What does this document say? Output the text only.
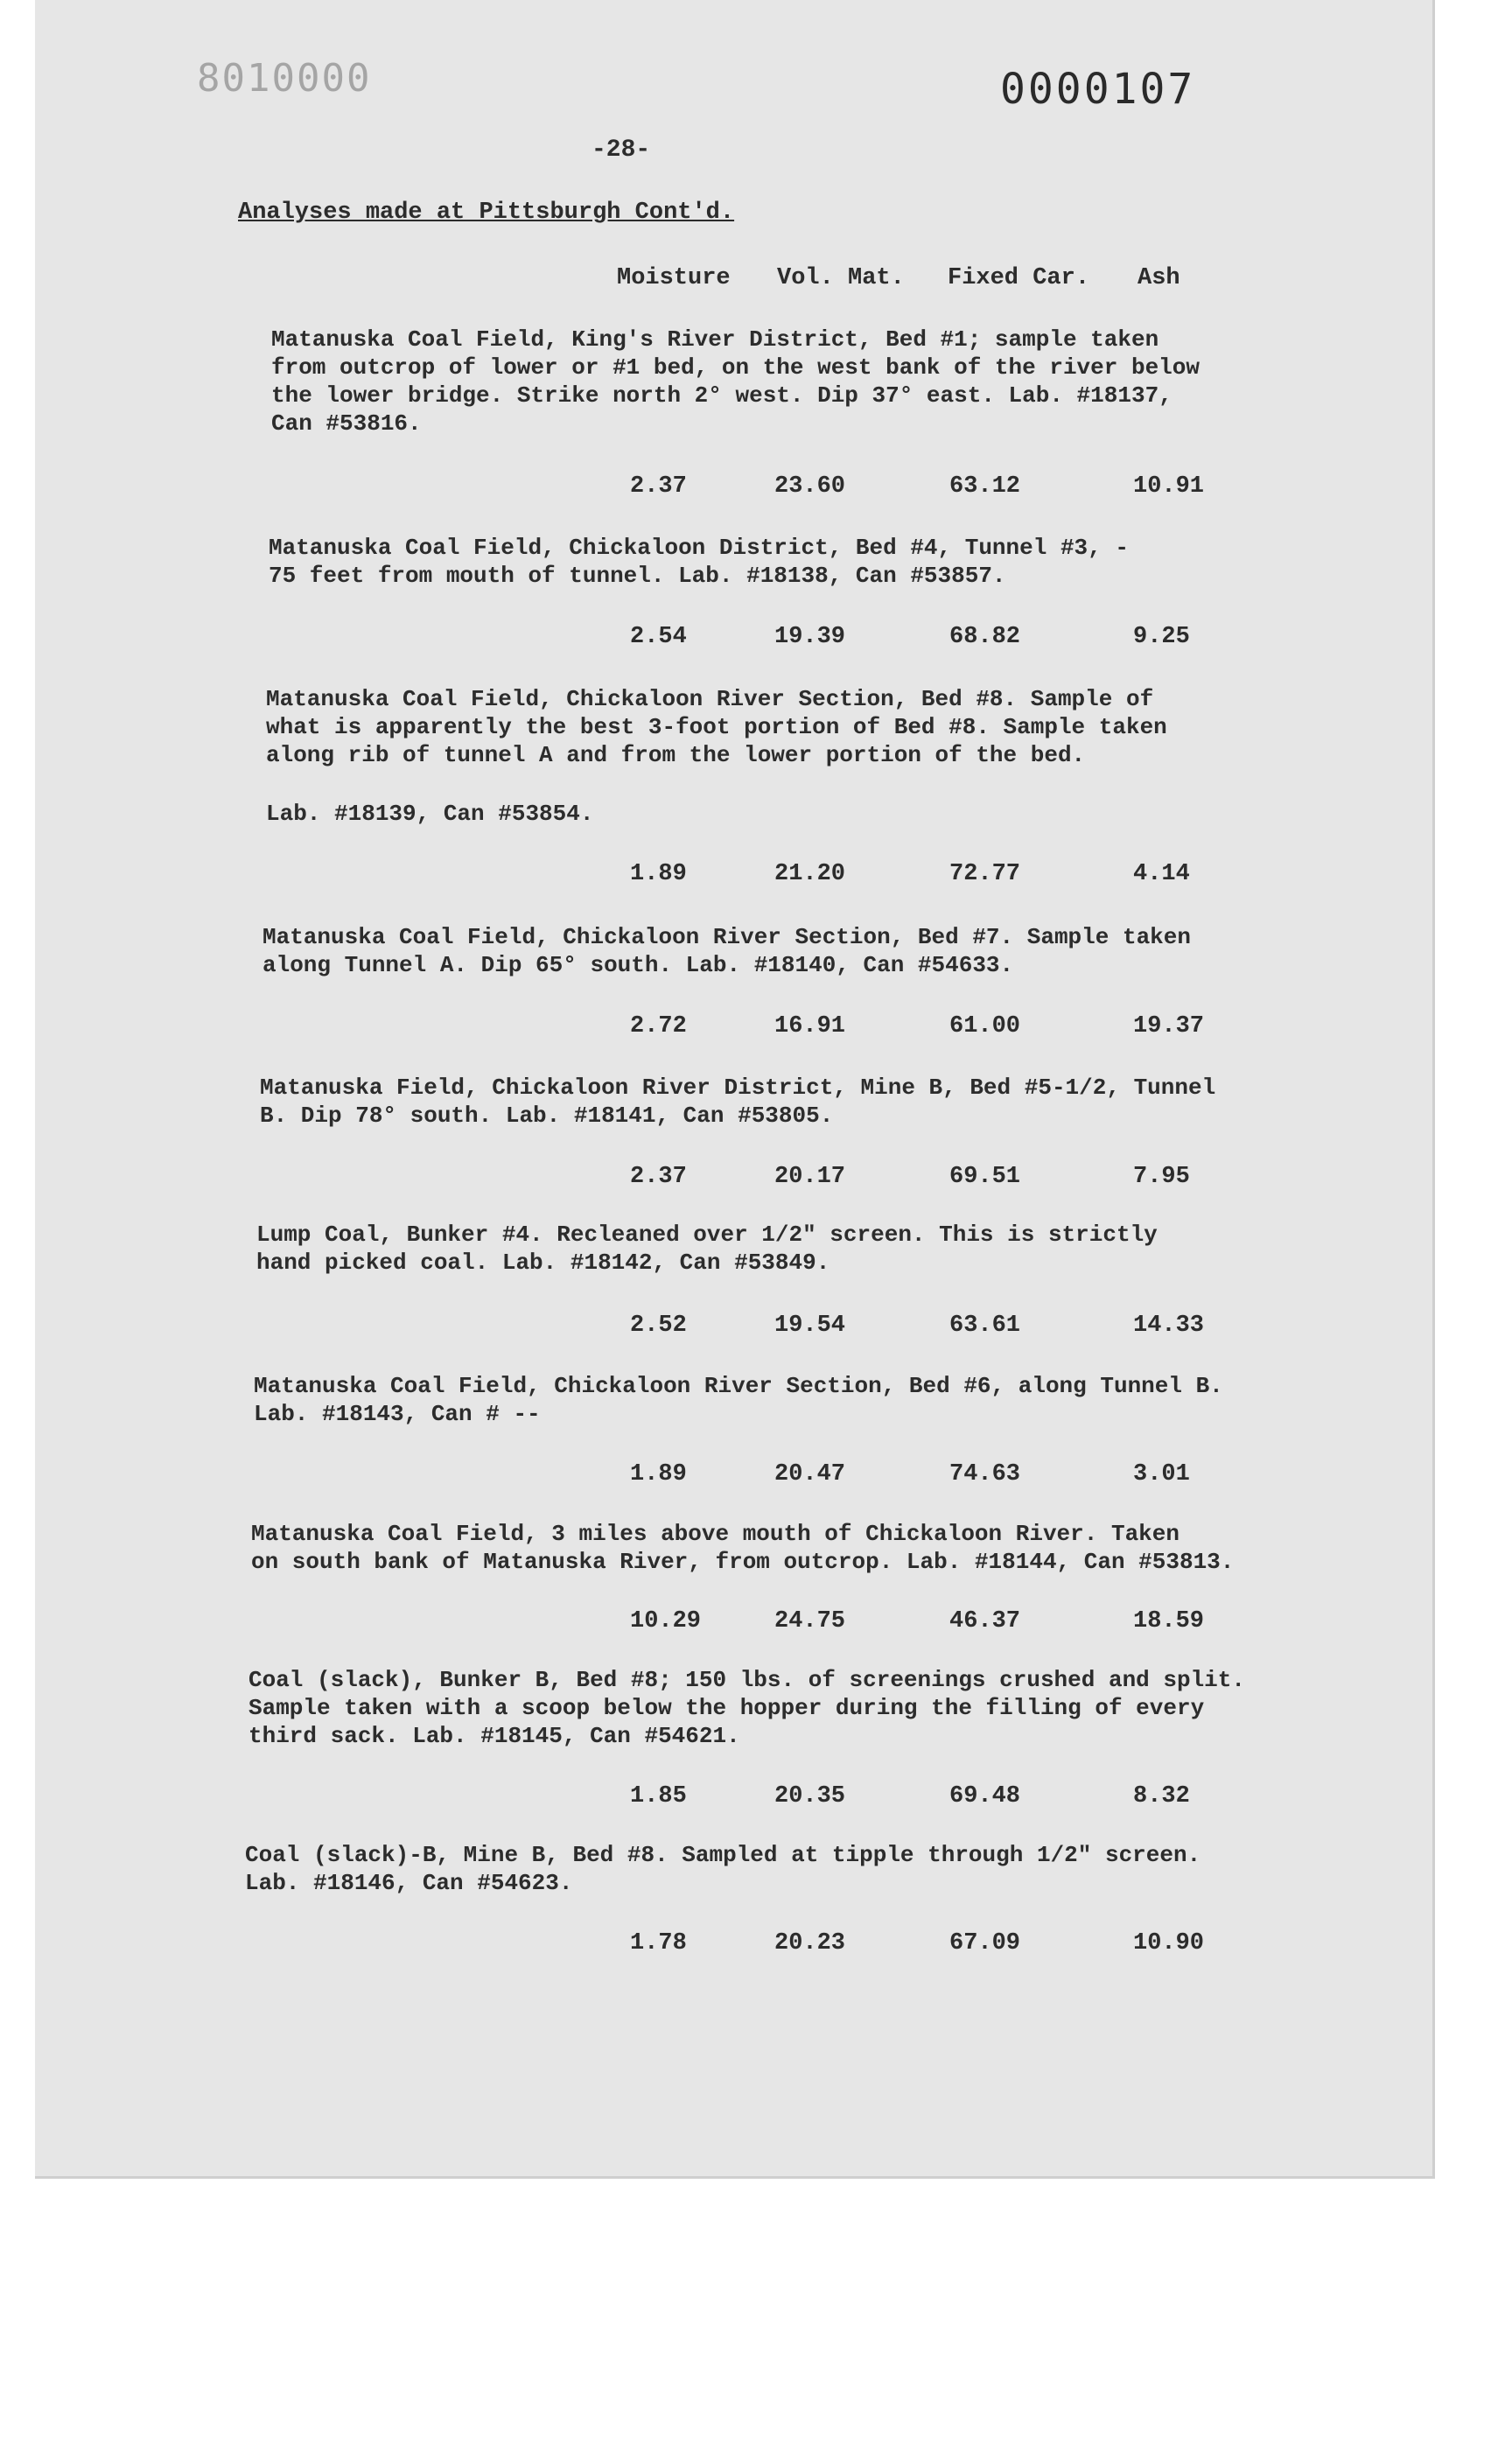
8010000	0000107
-28-
Analyses made at Pittsburgh Cont'd.
Moisture Vol. Mat. Fixed Car. Ash
Matanuska Coal Field, King's River District, Bed #1; sample taken
from outcrop of lower or #1 bed, on the west bank of the river below
the lower bridge. Strike north 2° west. Dip 37° east. Lab. #18137,
Can #53816.
2.37	23.60	63.12	10.91
Matanuska Coal Field, Chickaloon District, Bed #4, Tunnel #3, -
75 feet from mouth of tunnel. Lab. #18138, Can #53857.
2.54	19.39	68.82	9.25
Matanuska Coal Field, Chickaloon River Section, Bed #8. Sample of
what is apparently the best 3-foot portion of Bed #8. Sample taken
along rib of tunnel A and from the lower portion of the bed.
Lab. #18139, Can #53854.
1.89	21.20	72.77	4.14
Matanuska Coal Field, Chickaloon River Section, Bed #7. Sample taken
along Tunnel A. Dip 65° south. Lab. #18140, Can #54633.
2.72	16.91	61.00	19.37
Matanuska Field, Chickaloon River District, Mine B, Bed #5-1/2, Tunnel
B. Dip 78° south. Lab. #18141, Can #53805.
2.37	20.17	69.51	7.95
Lump Coal, Bunker #4. Recleaned over 1/2" screen. This is strictly
hand picked coal. Lab. #18142, Can #53849.
2.52	19.54	63.61	14.33
Matanuska Coal Field, Chickaloon River Section, Bed #6, along Tunnel B.
Lab. #18143, Can # --
1.89	20.47	74.63	3.01
Matanuska Coal Field, 3 miles above mouth of Chickaloon River. Taken
on south bank of Matanuska River, from outcrop. Lab. #18144, Can #53813.
10.29	24.75	46.37	18.59
Coal (slack), Bunker B, Bed #8; 150 lbs. of screenings crushed and split.
Sample taken with a scoop below the hopper during the filling of every
third sack. Lab. #18145, Can #54621.
1.85	20.35	69.48	8.32
Coal (slack)-B, Mine B, Bed #8. Sampled at tipple through 1/2" screen.
Lab. #18146, Can #54623.
1.78	20.23	67.09	10.90
